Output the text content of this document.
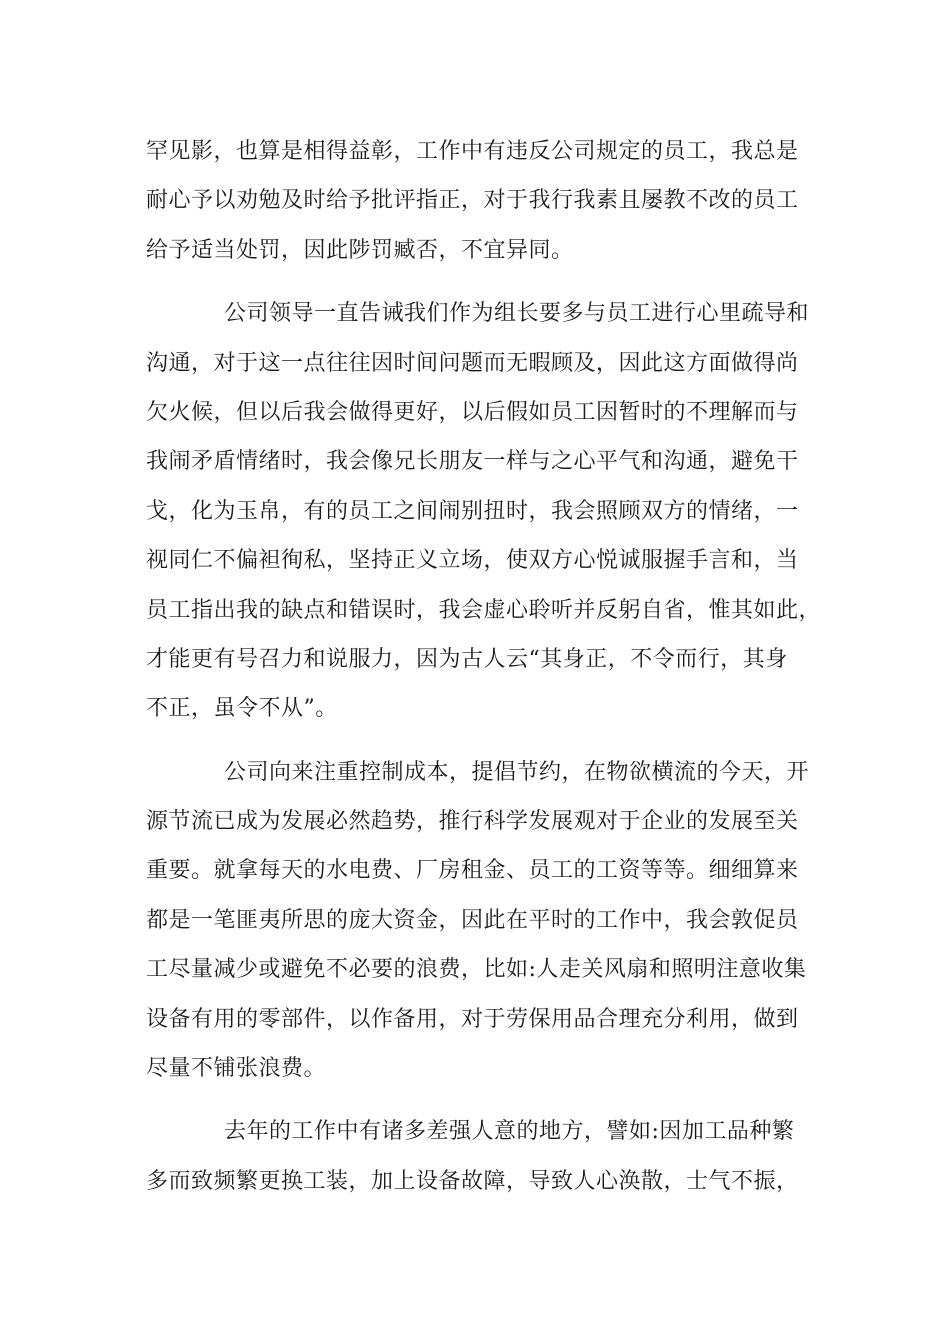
罕见影，也算是相得益彰，工作中有违反公司规定的员工，我总是
耐心予以劝勉及时给予批评指正，对于我行我素且屡教不改的员工
给予适当处罚，因此陟罚臧否，不宜异同。
公司领导一直告诫我们作为组长要多与员工进行心里疏导和
沟通，对于这一点往往因时间问题而无暇顾及，因此这方面做得尚
欠火候，但以后我会做得更好，以后假如员工因暂时的不理解而与
我闹矛盾情绪时，我会像兄长朋友一样与之心平气和沟通，避免干
戈，化为玉帛，有的员工之间闹别扭时，我会照顾双方的情绪，一
视同仁不偏袒徇私，坚持正义立场，使双方心悦诚服握手言和，当
员工指出我的缺点和错误时，我会虚心聆听并反躬自省，惟其如此，
才能更有号召力和说服力，因为古人云“其身正，不令而行，其身
不正，虽令不从”。
公司向来注重控制成本，提倡节约，在物欲横流的今天，开
源节流已成为发展必然趋势，推行科学发展观对于企业的发展至关
重要。就拿每天的水电费、厂房租金、员工的工资等等。细细算来
都是一笔匪夷所思的庞大资金，因此在平时的工作中，我会敦促员
工尽量减少或避免不必要的浪费，比如:人走关风扇和照明注意收集
设备有用的零部件，以作备用，对于劳保用品合理充分利用，做到
尽量不铺张浪费。
去年的工作中有诸多差强人意的地方，譬如:因加工品种繁
多而致频繁更换工装，加上设备故障，导致人心涣散，士气不振，
